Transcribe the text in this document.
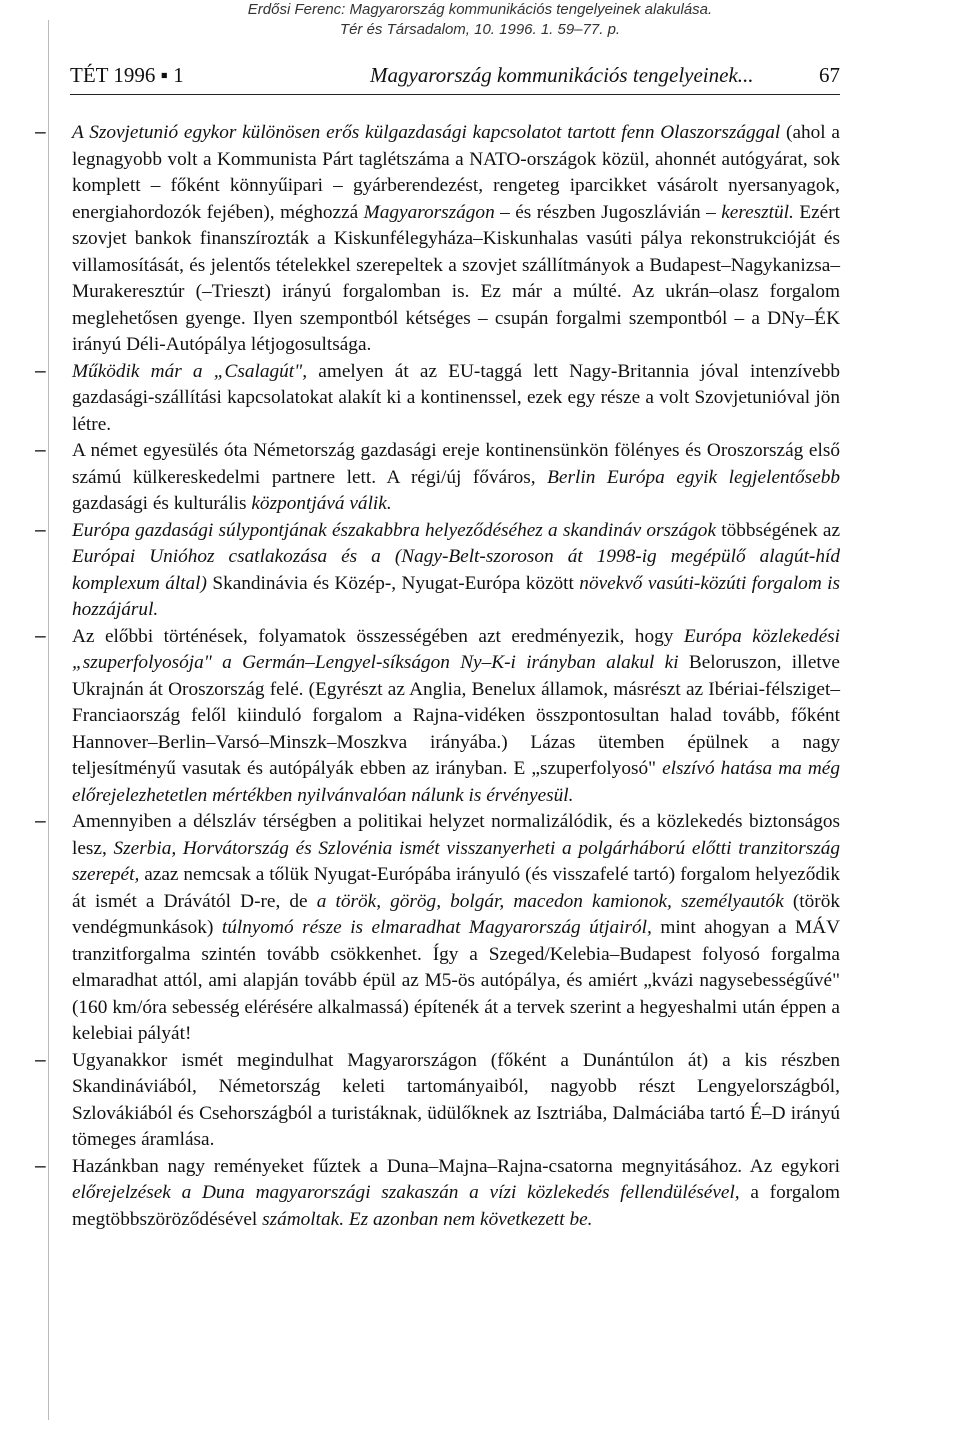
Erdősi Ferenc: Magyarország kommunikációs tengelyeinek alakulása.
Tér és Társadalom, 10. 1996. 1. 59–77. p.
TÉT 1996 ▪ 1	Magyarország kommunikációs tengelyeinek...	67

– A Szovjetunió egykor különösen erős külgazdasági kapcsolatot tartott fenn Olaszországgal (ahol a legnagyobb volt a Kommunista Párt taglétszáma a NATO-országok közül, ahonnét autógyárat, sok komplett – főként könnyűipari – gyárberendezést, rengeteg iparcikket vásárolt nyersanyagok, energiahordozók fejében), méghozzá Magyarországon – és részben Jugoszlávián – keresztül. Ezért szovjet bankok finanszírozták a Kiskunfélegyháza–Kiskunhalas vasúti pálya rekonstrukcióját és villamosítását, és jelentős tételekkel szerepeltek a szovjet szállítmányok a Budapest–Nagykanizsa–Murakeresztúr (–Trieszt) irányú forgalomban is. Ez már a múlté. Az ukrán–olasz forgalom meglehetősen gyenge. Ilyen szempontból kétséges – csupán forgalmi szempontból – a DNy–ÉK irányú Déli-Autópálya létjogosultsága.

– Működik már a „Csalagút", amelyen át az EU-taggá lett Nagy-Britannia jóval intenzívebb gazdasági-szállítási kapcsolatokat alakít ki a kontinenssel, ezek egy része a volt Szovjetunióval jön létre.

– A német egyesülés óta Németország gazdasági ereje kontinensünkön fölényes és Oroszország első számú külkereskedelmi partnere lett. A régi/új főváros, Berlin Európa egyik legjelentősebb gazdasági és kulturális központjává válik.

– Európa gazdasági súlypontjának északabbra helyeződéséhez a skandináv országok többségének az Európai Unióhoz csatlakozása és a (Nagy-Belt-szoroson át 1998-ig megépülő alagút-híd komplexum által) Skandinávia és Közép-, Nyugat-Európa között növekvő vasúti-közúti forgalom is hozzájárul.

– Az előbbi történések, folyamatok összességében azt eredményezik, hogy Európa közlekedési „szuperfolyosója" a Germán–Lengyel-síkságon Ny–K-i irányban alakul ki Beloruszon, illetve Ukrajnán át Oroszország felé. (Egyrészt az Anglia, Benelux államok, másrészt az Ibériai-félsziget–Franciaország felől kiinduló forgalom a Rajna-vidéken összpontosultan halad tovább, főként Hannover–Berlin–Varsó–Minszk–Moszkva irányába.) Lázas ütemben épülnek a nagy teljesítményű vasutak és autópályák ebben az irányban. E „szuperfolyosó" elszívó hatása ma még előrejelezhetetlen mértékben nyilvánvalóan nálunk is érvényesül.

– Amennyiben a délszláv térségben a politikai helyzet normalizálódik, és a közlekedés biztonságos lesz, Szerbia, Horvátország és Szlovénia ismét visszanyerheti a polgárháború előtti tranzitország szerepét, azaz nemcsak a tőlük Nyugat-Európába irányuló (és visszafelé tartó) forgalom helyeződik át ismét a Drávától D-re, de a török, görög, bolgár, macedon kamionok, személyautók (török vendégmunkások) túlnyomó része is elmaradhat Magyarország útjairól, mint ahogyan a MÁV tranzitforgalma szintén tovább csökkenhet. Így a Szeged/Kelebia–Budapest folyosó forgalma elmaradhat attól, ami alapján tovább épül az M5-ös autópálya, és amiért „kvázi nagysebességűvé" (160 km/óra sebesség elérésére alkalmassá) építenék át a tervek szerint a hegyeshalmi után éppen a kelebiai pályát!

– Ugyanakkor ismét megindulhat Magyarországon (főként a Dunántúlon át) a kis részben Skandináviából, Németország keleti tartományaiból, nagyobb részt Lengyelországból, Szlovákiából és Csehországból a turistáknak, üdülőknek az Isztriába, Dalmáciába tartó É–D irányú tömeges áramlása.

– Hazánkban nagy reményeket fűztek a Duna–Majna–Rajna-csatorna megnyitásához. Az egykori előrejelzések a Duna magyarországi szakaszán a vízi közlekedés fellendülésével, a forgalom megtöbbszöröződésével számoltak. Ez azonban nem következett be.
